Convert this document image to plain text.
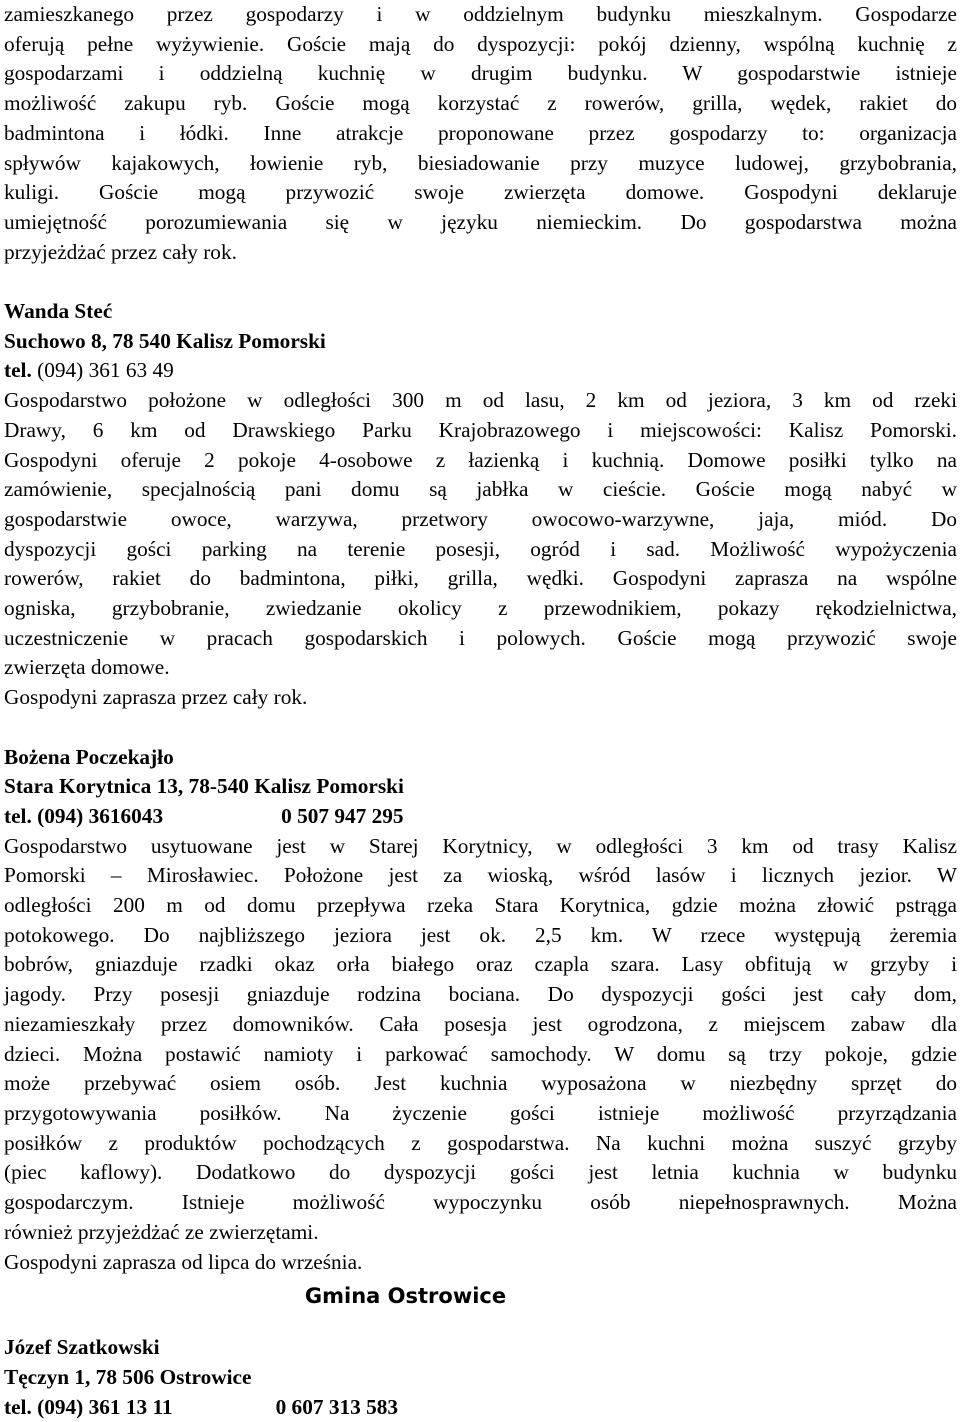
zamieszkanego przez gospodarzy i w oddzielnym budynku mieszkalnym. Gospodarze
oferują pełne wyżywienie. Goście mają do dyspozycji: pokój dzienny, wspólną kuchnię z
gospodarzami i oddzielną kuchnię w drugim budynku. W gospodarstwie istnieje
możliwość zakupu ryb. Goście mogą korzystać z rowerów, grilla, wędek, rakiet do
badmintona i łódki. Inne atrakcje proponowane przez gospodarzy to: organizacja
spływów kajakowych, łowienie ryb, biesiadowanie przy muzyce ludowej, grzybobrania,
kuligi. Goście mogą przywozić swoje zwierzęta domowe. Gospodyni deklaruje
umiejętność porozumiewania się w języku niemieckim. Do gospodarstwa można
przyjeżdżać przez cały rok.
Wanda Steć
Suchowo 8, 78 540 Kalisz Pomorski
tel. (094) 361 63 49
Gospodarstwo położone w odległości 300 m od lasu, 2 km od jeziora, 3 km od rzeki
Drawy, 6 km od Drawskiego Parku Krajobrazowego i miejscowości: Kalisz Pomorski.
Gospodyni oferuje 2 pokoje 4-osobowe z łazienką i kuchnią. Domowe posiłki tylko na
zamówienie, specjalnością pani domu są jabłka w cieście. Goście mogą nabyć w
gospodarstwie owoce, warzywa, przetwory owocowo-warzywne, jaja, miód. Do
dyspozycji gości parking na terenie posesji, ogród i sad. Możliwość wypożyczenia
rowerów, rakiet do badmintona, piłki, grilla, wędki. Gospodyni zaprasza na wspólne
ogniska, grzybobranie, zwiedzanie okolicy z przewodnikiem, pokazy rękodzielnictwa,
uczestniczenie w pracach gospodarskich i polowych. Goście mogą przywozić swoje
zwierzęta domowe.
Gospodyni zaprasza przez cały rok.
Bożena Poczekajło
Stara Korytnica 13, 78-540 Kalisz Pomorski
tel. (094) 3616043	0 507 947 295
Gospodarstwo usytuowane jest w Starej Korytnicy, w odległości 3 km od trasy Kalisz
Pomorski – Mirosławiec. Położone jest za wioską, wśród lasów i licznych jezior. W
odległości 200 m od domu przepływa rzeka Stara Korytnica, gdzie można złowić pstrąga
potokowego. Do najbliższego jeziora jest ok. 2,5 km. W rzece występują żeremia
bobrów, gniazduje rzadki okaz orła białego oraz czapla szara. Lasy obfitują w grzyby i
jagody. Przy posesji gniazduje rodzina bociana. Do dyspozycji gości jest cały dom,
niezamieszkały przez domowników. Cała posesja jest ogrodzona, z miejscem zabaw dla
dzieci. Można postawić namioty i parkować samochody. W domu są trzy pokoje, gdzie
może przebywać osiem osób. Jest kuchnia wyposażona w niezbędny sprzęt do
przygotowywania posiłków. Na życzenie gości istnieje możliwość przyrządzania
posiłków z produktów pochodzących z gospodarstwa. Na kuchni można suszyć grzyby
(piec kaflowy). Dodatkowo do dyspozycji gości jest letnia kuchnia w budynku
gospodarczym. Istnieje możliwość wypoczynku osób niepełnosprawnych. Można
również przyjeżdżać ze zwierzętami.
Gospodyni zaprasza od lipca do września.
Gmina Ostrowice
Józef Szatkowski
Tęczyn 1, 78 506 Ostrowice
tel. (094) 361 13 11	0 607 313 583
